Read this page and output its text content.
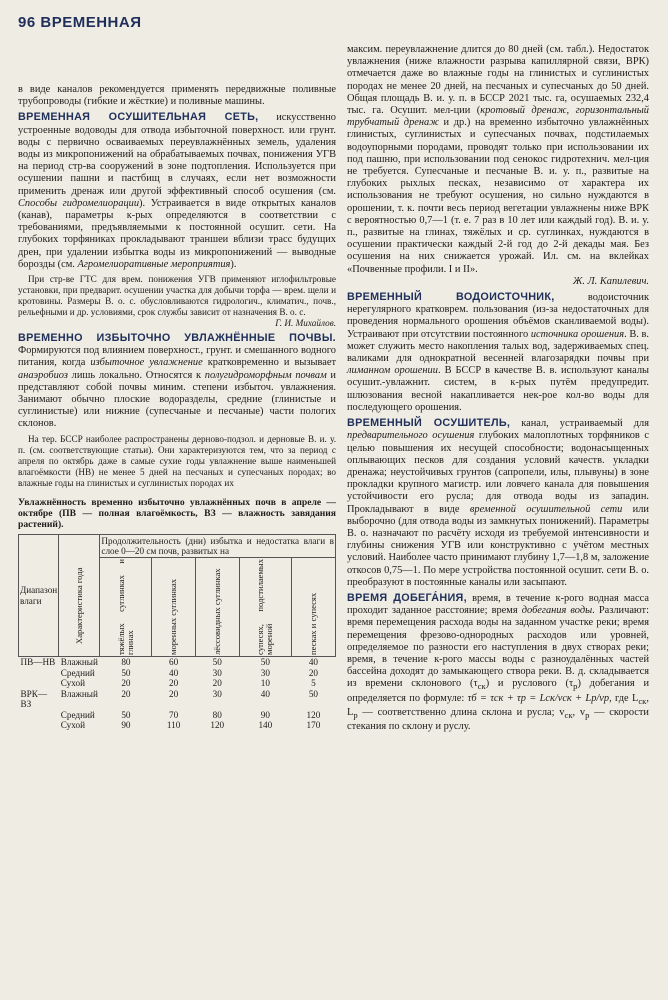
96 ВРЕМЕННАЯ

в виде каналов рекомендуется применять передвижные поливные трубопроводы (гибкие и жёсткие) и поливные машины.

ВРЕМЕННАЯ ОСУШИТЕЛЬНАЯ СЕТЬ, искусственно устроенные водоводы для отвода избыточной поверхност. или грунт. воды с первично осваиваемых переувлажнённых земель, удаления воды из микропонижений на обрабатываемых почвах, понижения УГВ на период стр-ва сооружений в зоне подтопления. Используется при осушении пашни и пастбищ в случаях, если нет возможности применить дренаж или другой эффективный способ осушения (см. Способы гидромелиорации). Устраивается в виде открытых каналов (канав), параметры к-рых определяются в соответствии с требованиями, предъявляемыми к постоянной осушит. сети. На глубоких торфяниках прокладывают траншеи вблизи трасс будущих дрен, при удалении избытка воды из микропонижений — выводные борозды (см. Агромелиоративные мероприятия).

При стр-ве ГТС для врем. понижения УГВ применяют иглофильтровые установки, при предварит. осушении участка для добычи торфа — врем. щели и кротовины. Размеры В. о. с. обусловливаются гидрологич., климатич., почв., рельефными и др. условиями, срок службы зависит от назначения В. о. с.
Г. И. Михайлов.

ВРЕМЕННО ИЗБЫТОЧНО УВЛАЖНЁННЫЕ ПОЧВЫ. Формируются под влиянием поверхност., грунт. и смешанного водного питания, когда избыточное увлажнение кратковременно и вызывает анаэробиоз лишь локально. Относятся к полугидроморфным почвам и представляют собой почвы миним. степени избыточ. увлажнения. Занимают обычно плоские водоразделы, средние (глинистые и суглинистые) или нижние (супесчаные и песчаные) части пологих склонов.

На тер. БССР наиболее распространены дерново-подзол. и дерновые В. и. у. п. (см. соответствующие статьи). Они характеризуются тем, что за период с апреля по октябрь даже в самые сухие годы увлажнение выше наименьшей влагоёмкости (НВ) не менее 5 дней на песчаных и супесчаных породах; во влажные годы на глинистых и суглинистых породах их

Увлажнённость временно избыточно увлажнённых почв в апреле — октябре (ПВ — полная влагоёмкость, ВЗ — влажность завядания растений).

Диапазон влаги	Характеристика года	Продолжительность (дни) избытка и недостатка влаги в слое 0—20 см почв, развитых на				

		тяжёлых суглинках и глинах	моренных суглинках	лёссовидных суглинках	супесях, подстилаемых мореной	песках и супесях

ПВ—НВ	Влажный	80	60	50	50	40
	Средний	50	40	30	30	20
	Сухой	20	20	20	10	5
ВРК—ВЗ	Влажный	20	20	30	40	50
	Средний	50	70	80	90	120
	Сухой	90	110	120	140	170

максим. переувлажнение длится до 80 дней (см. табл.). Недостаток увлажнения (ниже влажности разрыва капиллярной связи, ВРК) отмечается даже во влажные годы на глинистых и суглинистых породах не менее 20 дней, на песчаных и супесчаных до 50 дней. Общая площадь В. и. у. п. в БССР 2021 тыс. га, осушаемых 232,4 тыс. га. Осушит. мел-ции (кротовый дренаж, горизонтальный трубчатый дренаж и др.) на временно избыточно увлажнённых глинистых, суглинистых и супесчаных почвах, подстилаемых водоупорными породами, проводят только при использовании их под пашню, при использовании под сенокос гидротехнич. мел-ция не требуется. Супесчаные и песчаные В. и. у. п., развитые на глубоких рыхлых песках, независимо от характера их использования не требуют осушения, но сильно нуждаются в орошении, т. к. почти весь период вегетации увлажнены ниже ВРК с вероятностью 0,7—1 (т. е. 7 раз в 10 лет или каждый год). В. и. у. п., развитые на глинах, тяжёлых и ср. суглинках, нуждаются в осушении практически каждый 2-й год до 2-й декады мая. Без осушения на них снижается урожай. Ил. см. на вклейках «Почвенные профили. I и II».
Ж. Л. Капилевич.

ВРЕМЕННЫЙ ВОДОИСТОЧНИК, водоисточник нерегулярного кратковрем. пользования (из-за недостаточных для проведения нормального орошения объёмов сканливаемой воды). Устраивают при отсутствии постоянного источника орошения. В. в. может служить место накопления талых вод, задерживаемых спец. валиками для однократной весенней влагозарядки почвы при лиманном орошении. В БССР в качестве В. в. используют каналы осушит.-увлажнит. систем, в к-рых путём предупредит. шлюзования весной накапливается нек-рое кол-во воды для последующего орошения.

ВРЕМЕННЫЙ ОСУШИТЕЛЬ, канал, устраиваемый для предварительного осушения глубоких малоплотных торфяников с целью повышения их несущей способности; водонасыщенных оплывающих песков для создания условий качеств. укладки дренажа; неустойчивых грунтов (сапропели, илы, плывуны) в зоне прокладки крупного магистр. или ловчего канала для повышения устойчивости его русла; для отвода воды из западин. Прокладывают в виде временной осушительной сети или выборочно (для отвода воды из замкнутых понижений). Параметры В. о. назначают по расчёту исходя из требуемой интенсивности и глубины снижения УГВ или конструктивно с учётом местных условий. Наиболее часто принимают глубину 1,7—1,8 м, заложение откосов 0,75—1. По мере устройства постоянной осушит. сети В. о. преобразуют в постоянные каналы или засыпают.

ВРЕМЯ ДОБЕГА́НИЯ, время, в течение к-рого водная масса проходит заданное расстояние; время добегания воды. Различают: время перемещения расхода воды на заданном участке реки; время перемещения фрезово-однородных расходов или уровней, определяемое по разности его наступления в двух створах реки; время, в течение к-рого массы воды с разноудалённых частей бассейна доходят до замыкающего створа реки. В. д. складывается из времени склонового $(\tau_{ск})$ и руслового $(\tau_р)$ добегания и определяется по формуле: τб = τск + τр = Lск/vск + Lр/vр, где $L_{ск}$, $L_р$ — соответственно длина склона и русла; $v_{ск}$, $v_р$ — скорости стекания по склону и руслу.
